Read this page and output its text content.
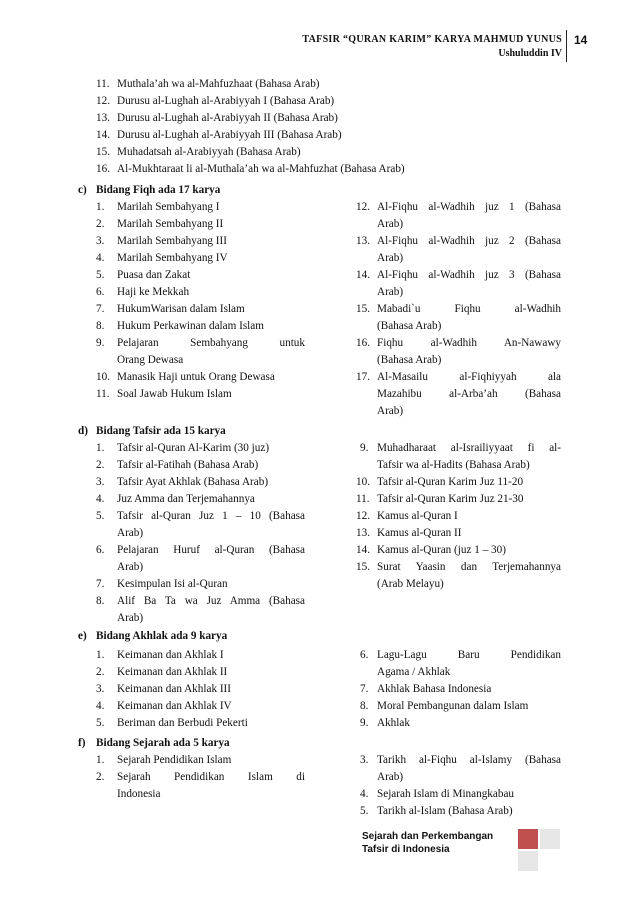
TAFSIR “QURAN KARIM” KARYA MAHMUD YUNUS
Ushuluddin IV
14
11. Muthala’ah wa al-Mahfuzhaat (Bahasa Arab)
12. Durusu al-Lughah al-Arabiyyah I (Bahasa Arab)
13. Durusu al-Lughah al-Arabiyyah II (Bahasa Arab)
14. Durusu al-Lughah al-Arabiyyah III (Bahasa Arab)
15. Muhadatsah al-Arabiyyah (Bahasa Arab)
16. Al-Mukhtaraat li al-Muthala’ah wa al-Mahfuzhat (Bahasa Arab)
c) Bidang Fiqh ada 17 karya
1. Marilah Sembahyang I
2. Marilah Sembahyang II
3. Marilah Sembahyang III
4. Marilah Sembahyang IV
5. Puasa dan Zakat
6. Haji ke Mekkah
7. HukumWarisan dalam Islam
8. Hukum Perkawinan dalam Islam
9. Pelajaran Sembahyang untuk
Orang Dewasa
10. Manasik Haji untuk Orang Dewasa
11. Soal Jawab Hukum Islam
12. Al-Fiqhu al-Wadhih juz 1 (Bahasa
Arab)
13. Al-Fiqhu al-Wadhih juz 2 (Bahasa
Arab)
14. Al-Fiqhu al-Wadhih juz 3 (Bahasa
Arab)
15. Mabadi`u Fiqhu al-Wadhih
(Bahasa Arab)
16. Fiqhu al-Wadhih An-Nawawy
(Bahasa Arab)
17. Al-Masailu al-Fiqhiyyah ala
Mazahibu al-Arba’ah (Bahasa
Arab)
d) Bidang Tafsir ada 15 karya
1. Tafsir al-Quran Al-Karim (30 juz)
2. Tafsir al-Fatihah (Bahasa Arab)
3. Tafsir Ayat Akhlak (Bahasa Arab)
4. Juz Amma dan Terjemahannya
5. Tafsir al-Quran Juz 1 – 10 (Bahasa
Arab)
6. Pelajaran Huruf al-Quran (Bahasa
Arab)
7. Kesimpulan Isi al-Quran
8. Alif Ba Ta wa Juz Amma (Bahasa
Arab)
9. Muhadharaat al-Israiliyyaat fi al-
Tafsir wa al-Hadits (Bahasa Arab)
10. Tafsir al-Quran Karim Juz 11-20
11. Tafsir al-Quran Karim Juz 21-30
12. Kamus al-Quran I
13. Kamus al-Quran II
14. Kamus al-Quran (juz 1 – 30)
15. Surat Yaasin dan Terjemahannya
(Arab Melayu)
e) Bidang Akhlak ada 9 karya
1. Keimanan dan Akhlak I
2. Keimanan dan Akhlak II
3. Keimanan dan Akhlak III
4. Keimanan dan Akhlak IV
5. Beriman dan Berbudi Pekerti
6. Lagu-Lagu Baru Pendidikan
Agama / Akhlak
7. Akhlak Bahasa Indonesia
8. Moral Pembangunan dalam Islam
9. Akhlak
f) Bidang Sejarah ada 5 karya
1. Sejarah Pendidikan Islam
2. Sejarah Pendidikan Islam di
Indonesia
3. Tarikh al-Fiqhu al-Islamy (Bahasa
Arab)
4. Sejarah Islam di Minangkabau
5. Tarikh al-Islam (Bahasa Arab)
Sejarah dan Perkembangan
Tafsir di Indonesia
